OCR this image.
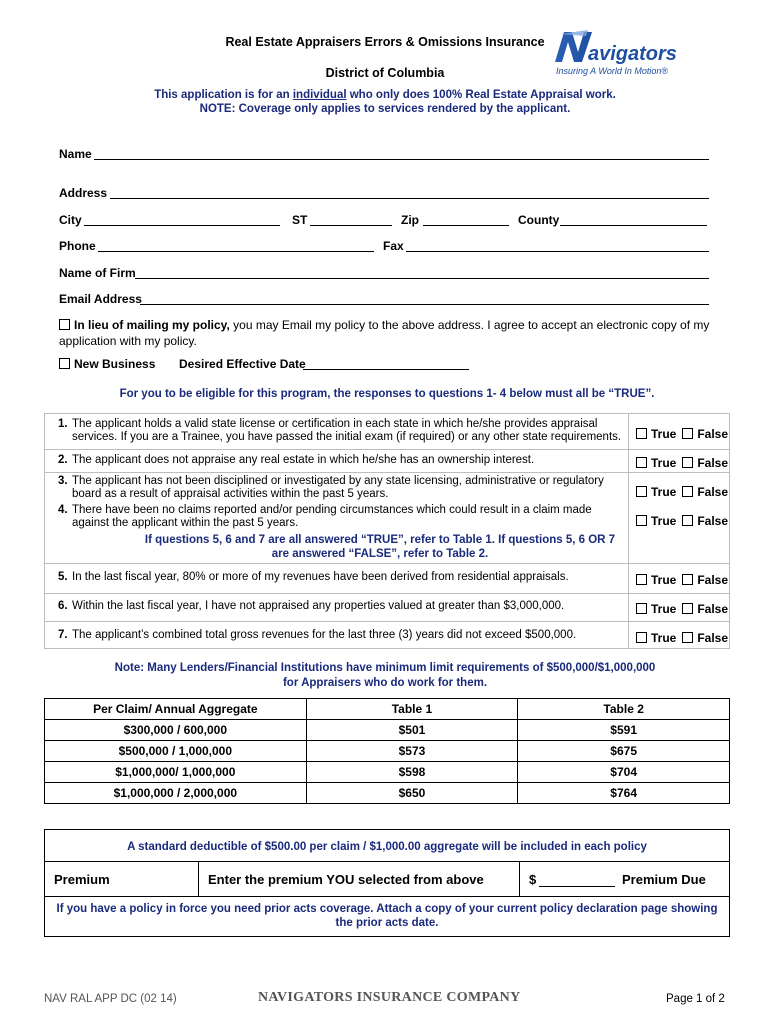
Real Estate Appraisers Errors & Omissions Insurance
District of Columbia
avigators
Insuring A World In Motion®
This application is for an individual who only does 100% Real Estate Appraisal work.
NOTE: Coverage only applies to services rendered by the applicant.
Name
Address
City	ST	Zip	County
Phone	Fax
Name of Firm
Email Address
In lieu of mailing my policy, you may Email my policy to the above address. I agree to accept an electronic copy of my
application with my policy.
New Business Desired Effective Date
For you to be eligible for this program, the responses to questions 1- 4 below must all be “TRUE”.
1. The applicant holds a valid state license or certification in each state in which he/she provides appraisal
services. If you are a Trainee, you have passed the initial exam (if required) or any other state requirements.	True False
2. The applicant does not appraise any real estate in which he/she has an ownership interest.	True False
3. The applicant has not been disciplined or investigated by any state licensing, administrative or regulatory
board as a result of appraisal activities within the past 5 years.	True False
4. There have been no claims reported and/or pending circumstances which could result in a claim made
against the applicant within the past 5 years.	True False
If questions 5, 6 and 7 are all answered “TRUE”, refer to Table 1. If questions 5, 6 OR 7
are answered “FALSE”, refer to Table 2.
5. In the last fiscal year, 80% or more of my revenues have been derived from residential appraisals.	True False
6. Within the last fiscal year, I have not appraised any properties valued at greater than $3,000,000.	True False
7. The applicant’s combined total gross revenues for the last three (3) years did not exceed $500,000.	True False
Note: Many Lenders/Financial Institutions have minimum limit requirements of $500,000/$1,000,000
for Appraisers who do work for them.
Per Claim/ Annual Aggregate	Table 1	Table 2
$300,000 / 600,000	$501	$591
$500,000 / 1,000,000	$573	$675
$1,000,000/ 1,000,000	$598	$704
$1,000,000 / 2,000,000	$650	$764
A standard deductible of $500.00 per claim / $1,000.00 aggregate will be included in each policy
Premium	Enter the premium YOU selected from above	$	Premium Due
If you have a policy in force you need prior acts coverage. Attach a copy of your current policy declaration page showing
the prior acts date.
NAV RAL APP DC (02 14)	NAVIGATORS INSURANCE COMPANY	Page 1 of 2
